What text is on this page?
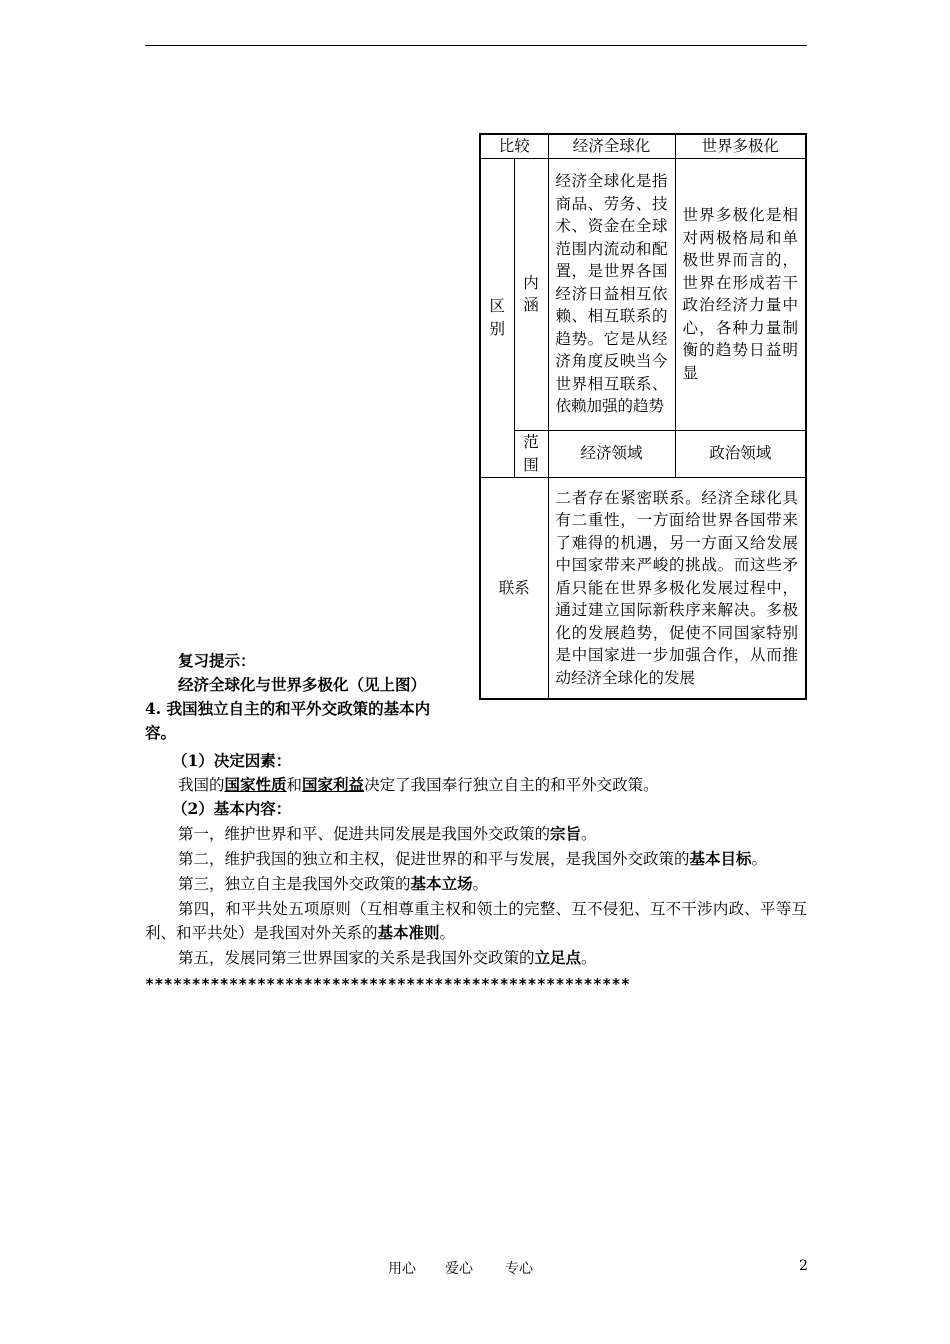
比较		经济全球化	世界多极化
区别	内涵	经济全球化是指商品、劳务、技术、资金在全球范围内流动和配置，是世界各国经济日益相互依赖、相互联系的趋势。它是从经济角度反映当今世界相互联系、依赖加强的趋势	世界多极化是相对两极格局和单极世界而言的，世界在形成若干政治经济力量中心，各种力量制衡的趋势日益明显
	范围	经济领域	政治领域
联系		二者存在紧密联系。经济全球化具有二重性，一方面给世界各国带来了难得的机遇，另一方面又给发展中国家带来严峻的挑战。而这些矛盾只能在世界多极化发展过程中，通过建立国际新秩序来解决。多极化的发展趋势，促使不同国家特别是中国家进一步加强合作，从而推动经济全球化的发展	
复习提示：
经济全球化与世界多极化（见上图）
4. 我国独立自主的和平外交政策的基本内
容。
（1）决定因素：
我国的国家性质和国家利益决定了我国奉行独立自主的和平外交政策。
（2）基本内容：
第一，维护世界和平、促进共同发展是我国外交政策的宗旨。
第二，维护我国的独立和主权，促进世界的和平与发展，是我国外交政策的基本目标。
第三，独立自主是我国外交政策的基本立场。
第四，和平共处五项原则（互相尊重主权和领土的完整、互不侵犯、互不干涉内政、平等互利、和平共处）是我国对外关系的基本准则。
第五，发展同第三世界国家的关系是我国外交政策的立足点。
****************************************************
用心 爱心 专心	2
